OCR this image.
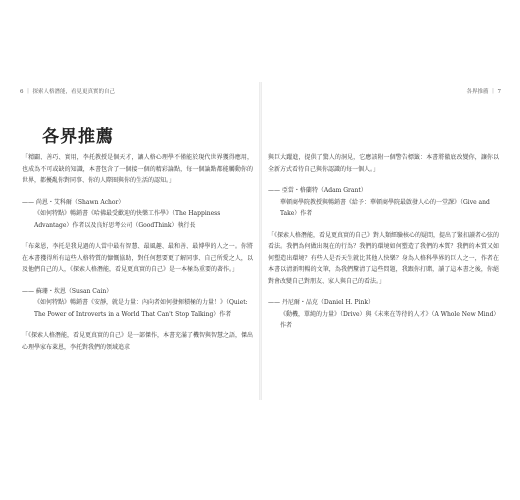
6 ｜ 探索人格潛能，看見更真實的自己
各界推薦

「精闢、善巧、實用，李托教授是個天才，讓人格心理學不僅能於現代世界獲得應用，也成為不可或缺的知識，本書包含了一個接一個的精彩論點，每一個論點都能觸動你的世界，都擾亂你對同事、你的人際圈與你的生活的認知。」

—— 尚恩・艾科爾（Shawn Achor）

《如何特點》暢銷書《哈佛最受歡迎的快樂工作學》（The Happiness Advantage）作者以及良好思考公司（GoodThink）執行長

「布萊恩，李托是我見過的人當中最有智慧、最風趣、最和善、最博學的人之一。你將在本書獲得所有這些人格特質的慷慨協助，對任何想要更了解同事、自己所愛之人，以及他們自己的人，《探索人格潛能，看見更真實的自己》是一本極為重要的著作。」

—— 蘇珊・坎恩（Susan Cain）

《如何特點》暢銷書《安靜，就是力量：內向者如何發揮積極的力量！》（Quiet: The Power of Introverts in a World That Can't Stop Talking）作者

「《探索人格潛能，看見更真實的自己》是一部傑作，本書充滿了機智與智慧之語，傑出心理學家布萊恩，李托對我們的領域追求

各界推薦 ｜ 7

與巨大躍進，提供了驚人的洞見，它應該附一個警告標籤：本書將徹底改變你，讓你以全新方式看待自己與你認識的每一個人。」

—— 亞當・格蘭特（Adam Grant）

華頓商學院教授與暢銷書《給予：華頓商學院最啟發人心的一堂課》（Give and Take）作者

「《探索人格潛能，看見更真實的自己》對人類經驗核心的疑問，提出了緊扣讀者心弦的看法。我們為何做出現在的行為？我們的環境如何塑造了我們的本質？我們的本質又如何塑造出環境？有些人是否天生就比其他人快樂？身為人格科學界的巨人之一，作者在本書以清新明暢的文筆，為我們釐清了這些問題，我跟你打賭，讀了這本書之後，你絕對會改變自己對朋友、家人與自己的看法。」

—— 丹尼爾・品克（Daniel H. Pink）

《動機，單純的力量》（Drive）與《未來在等待的人才》（A Whole New Mind）作者
